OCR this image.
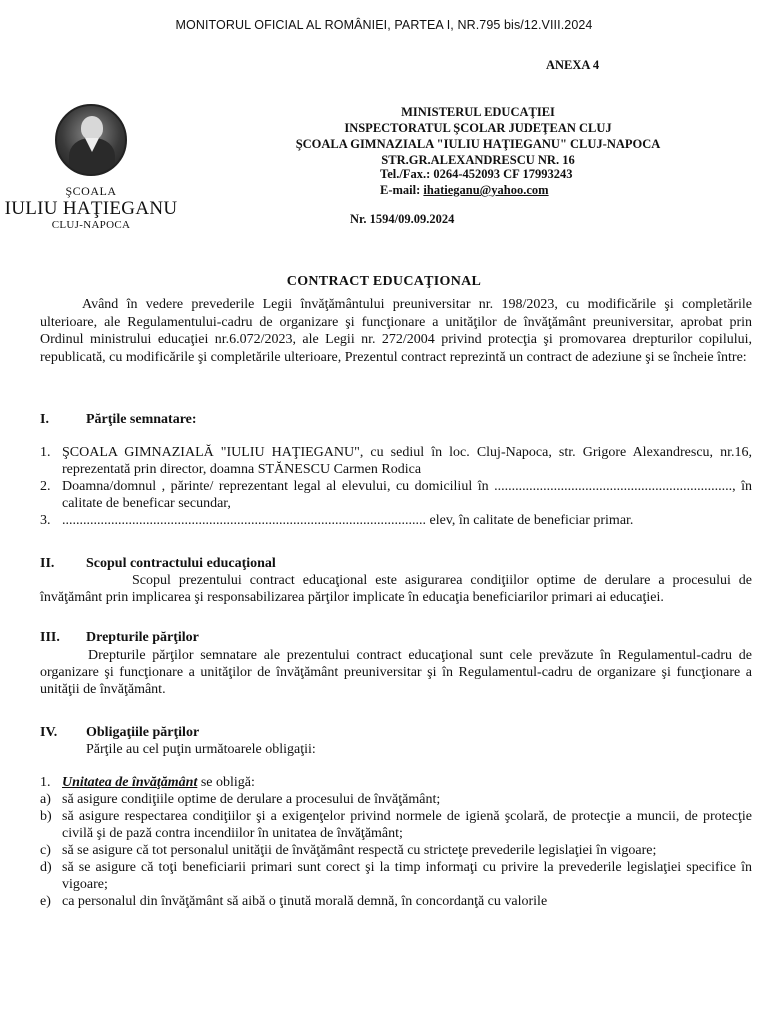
MONITORUL OFICIAL AL ROMÂNIEI, PARTEA I, NR.795 bis/12.VIII.2024
ANEXA 4
ŞCOALA
IULIU HAŢIEGANU
CLUJ-NAPOCA
MINISTERUL EDUCAŢIEI
INSPECTORATUL ŞCOLAR JUDEŢEAN CLUJ
ŞCOALA GIMNAZIALA "IULIU HAŢIEGANU" CLUJ-NAPOCA
STR.GR.ALEXANDRESCU NR. 16
Tel./Fax.: 0264-452093 CF 17993243
E-mail: ihatieganu@yahoo.com
Nr. 1594/09.09.2024
CONTRACT EDUCAŢIONAL
Având în vedere prevederile Legii învăţământului preuniversitar nr. 198/2023, cu modificările şi completările ulterioare, ale Regulamentului-cadru de organizare şi funcţionare a unităţilor de învăţământ preuniversitar, aprobat prin Ordinul ministrului educaţiei nr.6.072/2023, ale Legii nr. 272/2004 privind protecţia şi promovarea drepturilor copilului, republicată, cu modificările şi completările ulterioare, Prezentul contract reprezintă un contract de adeziune şi se încheie între:
I.	Părţile semnatare:
1. ŞCOALA GIMNAZIALĂ "IULIU HAŢIEGANU", cu sediul în loc. Cluj-Napoca, str. Grigore Alexandrescu, nr.16, reprezentată prin director, doamna STĂNESCU Carmen Rodica
2. Doamna/domnul , părinte/ reprezentant legal al elevului, cu domiciliul în ...................................................................., în calitate de beneficar secundar,
3. ........................................................................................................ elev, în calitate de beneficiar primar.
II. Scopul contractului educaţional
Scopul prezentului contract educaţional este asigurarea condiţiilor optime de derulare a procesului de învăţământ prin implicarea şi responsabilizarea părţilor implicate în educaţia beneficiarilor primari ai educaţiei.
III. Drepturile părţilor
Drepturile părţilor semnatare ale prezentului contract educaţional sunt cele prevăzute în Regulamentul-cadru de organizare şi funcţionare a unităţilor de învăţământ preuniversitar şi în Regulamentul-cadru de organizare şi funcţionare a unităţii de învăţământ.
IV. Obligaţiile părţilor
Părţile au cel puţin următoarele obligaţii:
1. Unitatea de învăţământ se obligă:
a) să asigure condiţiile optime de derulare a procesului de învăţământ;
b) să asigure respectarea condiţiilor şi a exigenţelor privind normele de igienă şcolară, de protecţie a muncii, de protecţie civilă şi de pază contra incendiilor în unitatea de învăţământ;
c) să se asigure că tot personalul unităţii de învăţământ respectă cu stricteţe prevederile legislaţiei în vigoare;
d) să se asigure că toţi beneficiarii primari sunt corect şi la timp informaţi cu privire la prevederile legislaţiei specifice în vigoare;
e) ca personalul din învăţământ să aibă o ţinută morală demnă, în concordanţă cu valorile
